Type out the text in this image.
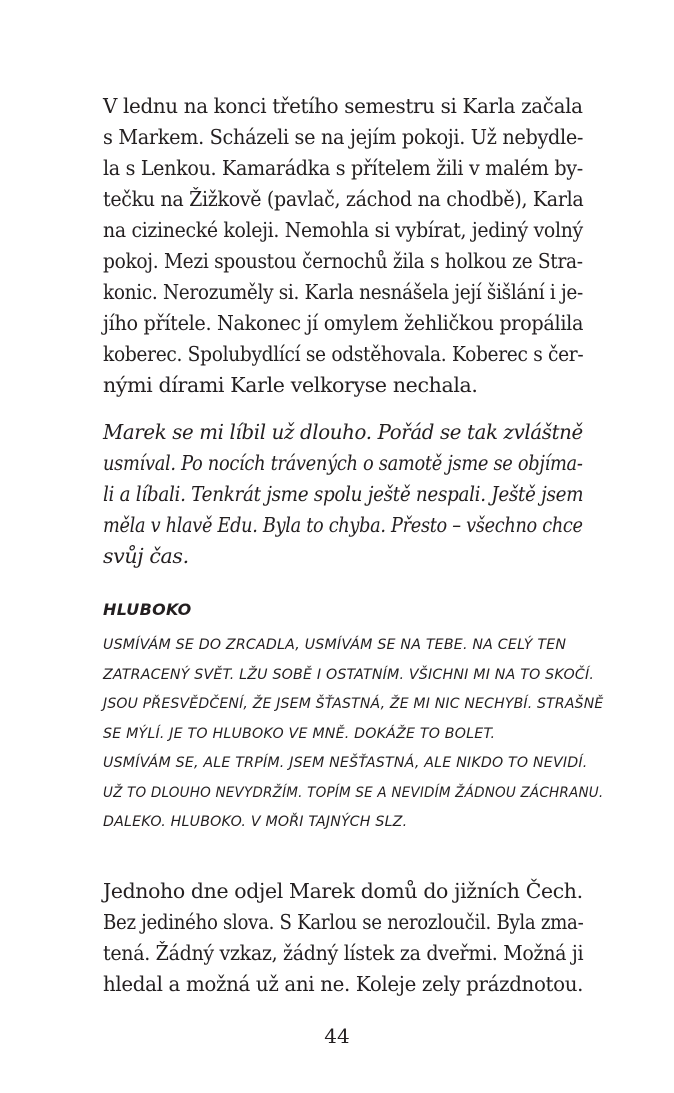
V lednu na konci třetího semestru si Karla začala
s Markem. Scházeli se na jejím pokoji. Už nebydle-
la s Lenkou. Kamarádka s přítelem žili v malém by-
tečku na Žižkově (pavlač, záchod na chodbě), Karla
na cizinecké koleji. Nemohla si vybírat, jediný volný
pokoj. Mezi spoustou černochů žila s holkou ze Stra-
konic. Nerozuměly si. Karla nesnášela její šišlání i je-
jího přítele. Nakonec jí omylem žehličkou propálila
koberec. Spolubydlící se odstěhovala. Koberec s čer-
nými dírami Karle velkoryse nechala.
Marek se mi líbil už dlouho. Pořád se tak zvláštně
usmíval. Po nocích trávených o samotě jsme se objíma-
li a líbali. Tenkrát jsme spolu ještě nespali. Ještě jsem
měla v hlavě Edu. Byla to chyba. Přesto – všechno chce
svůj čas.
HLUBOKO
USMÍVÁM SE DO ZRCADLA, USMÍVÁM SE NA TEBE. NA CELÝ TEN
ZATRACENÝ SVĚT. LŽU SOBĚ I OSTATNÍM. VŠICHNI MI NA TO SKOČÍ.
JSOU PŘESVĚDČENÍ, ŽE JSEM ŠŤASTNÁ, ŽE MI NIC NECHYBÍ. STRAŠNĚ
SE MÝLÍ. JE TO HLUBOKO VE MNĚ. DOKÁŽE TO BOLET.
USMÍVÁM SE, ALE TRPÍM. JSEM NEŠŤASTNÁ, ALE NIKDO TO NEVIDÍ.
UŽ TO DLOUHO NEVYDRŽÍM. TOPÍM SE A NEVIDÍM ŽÁDNOU ZÁCHRANU.
DALEKO. HLUBOKO. V MOŘI TAJNÝCH SLZ.
Jednoho dne odjel Marek domů do jižních Čech.
Bez jediného slova. S Karlou se nerozloučil. Byla zma-
tená. Žádný vzkaz, žádný lístek za dveřmi. Možná ji
hledal a možná už ani ne. Koleje zely prázdnotou.
44
